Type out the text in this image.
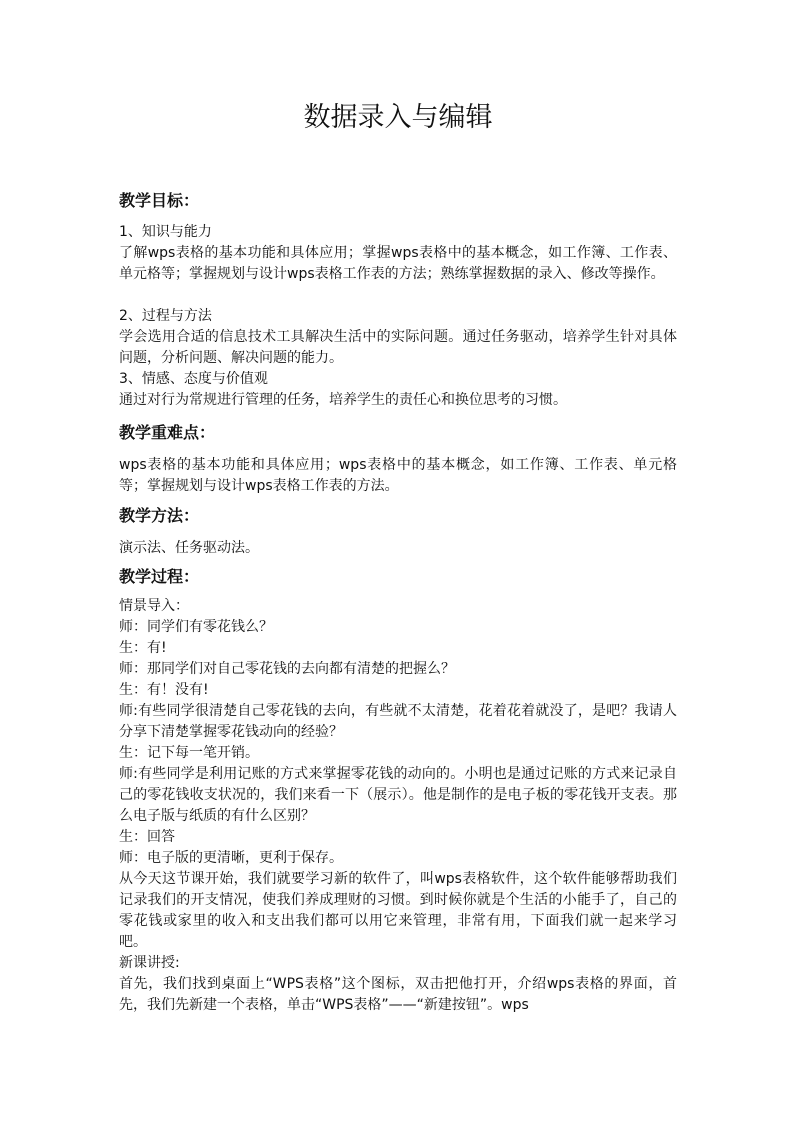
数据录入与编辑
教学目标：

1、知识与能力

了解wps表格的基本功能和具体应用；掌握wps表格中的基本概念，如工作簿、工作表、单元格等；掌握规划与设计wps表格工作表的方法；熟练掌握数据的录入、修改等操作。

2、过程与方法

学会选用合适的信息技术工具解决生活中的实际问题。通过任务驱动，培养学生针对具体问题，分析问题、解决问题的能力。

3、情感、态度与价值观

通过对行为常规进行管理的任务，培养学生的责任心和换位思考的习惯。

教学重难点：

wps表格的基本功能和具体应用；wps表格中的基本概念，如工作簿、工作表、单元格等；掌握规划与设计wps表格工作表的方法。

教学方法：

演示法、任务驱动法。

教学过程：
情景导入：
师：同学们有零花钱么？
生：有!
师：那同学们对自己零花钱的去向都有清楚的把握么？
生：有！没有!
师:有些同学很清楚自己零花钱的去向，有些就不太清楚，花着花着就没了，是吧？我请人分享下清楚掌握零花钱动向的经验？
生：记下每一笔开销。
师:有些同学是利用记账的方式来掌握零花钱的动向的。小明也是通过记账的方式来记录自己的零花钱收支状况的，我们来看一下（展示）。他是制作的是电子板的零花钱开支表。那么电子版与纸质的有什么区别？
生：回答
师：电子版的更清晰，更利于保存。
从今天这节课开始，我们就要学习新的软件了，叫wps表格软件，这个软件能够帮助我们记录我们的开支情况，使我们养成理财的习惯。到时候你就是个生活的小能手了，自己的零花钱或家里的收入和支出我们都可以用它来管理，非常有用，下面我们就一起来学习吧。
新课讲授:
首先，我们找到桌面上“WPS表格”这个图标，双击把他打开，介绍wps表格的界面，首先，我们先新建一个表格，单击“WPS表格”——“新建按钮”。wps
